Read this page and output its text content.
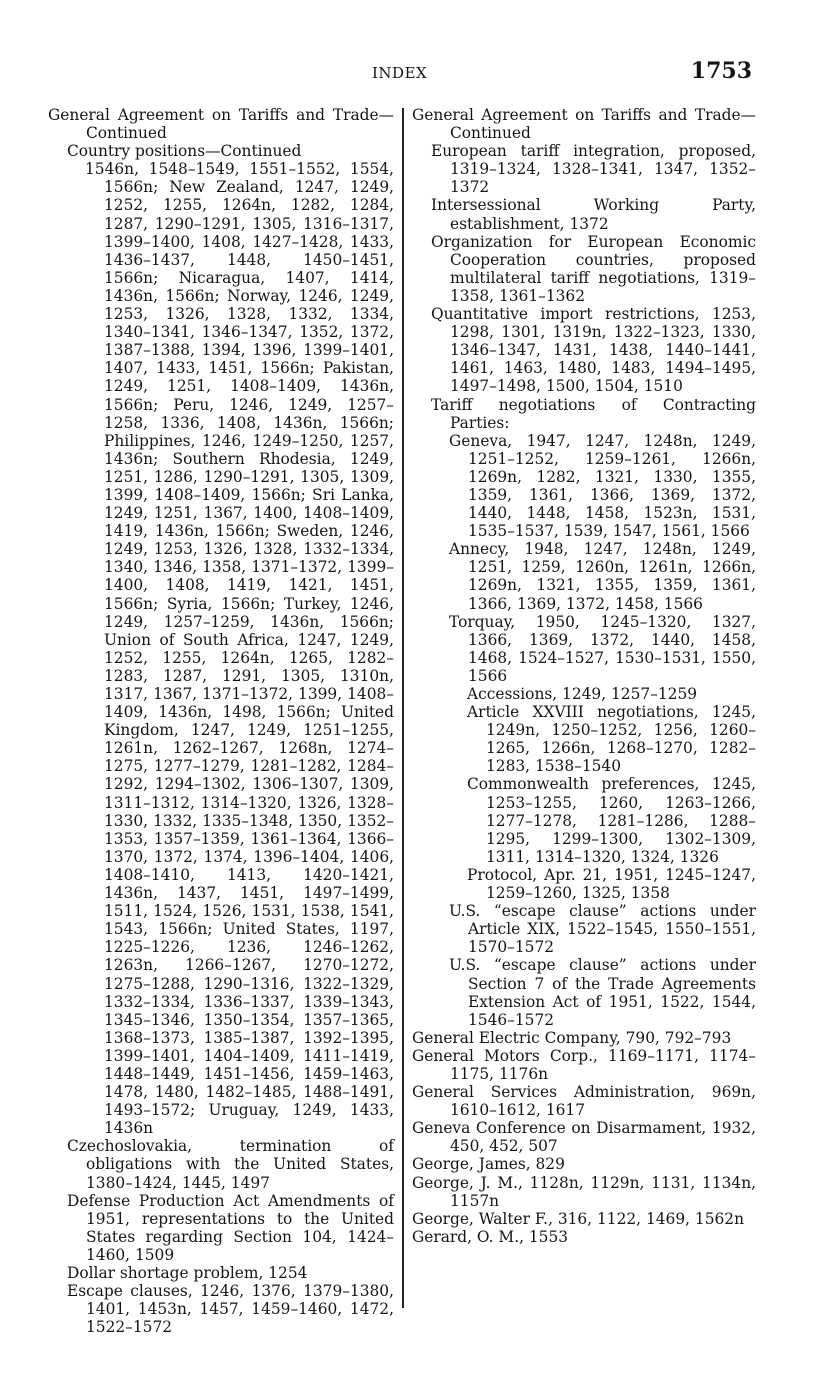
INDEX	1753

General Agreement on Tariffs and Trade—Continued

Country positions—Continued

1546n, 1548–1549, 1551–1552, 1554, 1566n; New Zealand, 1247, 1249, 1252, 1255, 1264n, 1282, 1284, 1287, 1290–1291, 1305, 1316–1317, 1399–1400, 1408, 1427–1428, 1433, 1436–1437, 1448, 1450–1451, 1566n; Nicaragua, 1407, 1414, 1436n, 1566n; Norway, 1246, 1249, 1253, 1326, 1328, 1332, 1334, 1340–1341, 1346–1347, 1352, 1372, 1387–1388, 1394, 1396, 1399–1401, 1407, 1433, 1451, 1566n; Pakistan, 1249, 1251, 1408–1409, 1436n, 1566n; Peru, 1246, 1249, 1257–1258, 1336, 1408, 1436n, 1566n; Philippines, 1246, 1249–1250, 1257, 1436n; Southern Rhodesia, 1249, 1251, 1286, 1290–1291, 1305, 1309, 1399, 1408–1409, 1566n; Sri Lanka, 1249, 1251, 1367, 1400, 1408–1409, 1419, 1436n, 1566n; Sweden, 1246, 1249, 1253, 1326, 1328, 1332–1334, 1340, 1346, 1358, 1371–1372, 1399–1400, 1408, 1419, 1421, 1451, 1566n; Syria, 1566n; Turkey, 1246, 1249, 1257–1259, 1436n, 1566n; Union of South Africa, 1247, 1249, 1252, 1255, 1264n, 1265, 1282–1283, 1287, 1291, 1305, 1310n, 1317, 1367, 1371–1372, 1399, 1408–1409, 1436n, 1498, 1566n; United Kingdom, 1247, 1249, 1251–1255, 1261n, 1262–1267, 1268n, 1274–1275, 1277–1279, 1281–1282, 1284–1292, 1294–1302, 1306–1307, 1309, 1311–1312, 1314–1320, 1326, 1328–1330, 1332, 1335–1348, 1350, 1352–1353, 1357–1359, 1361–1364, 1366–1370, 1372, 1374, 1396–1404, 1406, 1408–1410, 1413, 1420–1421, 1436n, 1437, 1451, 1497–1499, 1511, 1524, 1526, 1531, 1538, 1541, 1543, 1566n; United States, 1197, 1225–1226, 1236, 1246–1262, 1263n, 1266–1267, 1270–1272, 1275–1288, 1290–1316, 1322–1329, 1332–1334, 1336–1337, 1339–1343, 1345–1346, 1350–1354, 1357–1365, 1368–1373, 1385–1387, 1392–1395, 1399–1401, 1404–1409, 1411–1419, 1448–1449, 1451–1456, 1459–1463, 1478, 1480, 1482–1485, 1488–1491, 1493–1572; Uruguay, 1249, 1433, 1436n

Czechoslovakia, termination of obligations with the United States, 1380–1424, 1445, 1497

Defense Production Act Amendments of 1951, representations to the United States regarding Section 104, 1424–1460, 1509

Dollar shortage problem, 1254

Escape clauses, 1246, 1376, 1379–1380, 1401, 1453n, 1457, 1459–1460, 1472, 1522–1572

General Agreement on Tariffs and Trade—Continued

European tariff integration, proposed, 1319–1324, 1328–1341, 1347, 1352–1372

Intersessional Working Party, establishment, 1372

Organization for European Economic Cooperation countries, proposed multilateral tariff negotiations, 1319–1358, 1361–1362

Quantitative import restrictions, 1253, 1298, 1301, 1319n, 1322–1323, 1330, 1346–1347, 1431, 1438, 1440–1441, 1461, 1463, 1480, 1483, 1494–1495, 1497–1498, 1500, 1504, 1510

Tariff negotiations of Contracting Parties:

Geneva, 1947, 1247, 1248n, 1249, 1251–1252, 1259–1261, 1266n, 1269n, 1282, 1321, 1330, 1355, 1359, 1361, 1366, 1369, 1372, 1440, 1448, 1458, 1523n, 1531, 1535–1537, 1539, 1547, 1561, 1566

Annecy, 1948, 1247, 1248n, 1249, 1251, 1259, 1260n, 1261n, 1266n, 1269n, 1321, 1355, 1359, 1361, 1366, 1369, 1372, 1458, 1566

Torquay, 1950, 1245–1320, 1327, 1366, 1369, 1372, 1440, 1458, 1468, 1524–1527, 1530–1531, 1550, 1566

Accessions, 1249, 1257–1259

Article XXVIII negotiations, 1245, 1249n, 1250–1252, 1256, 1260–1265, 1266n, 1268–1270, 1282–1283, 1538–1540

Commonwealth preferences, 1245, 1253–1255, 1260, 1263–1266, 1277–1278, 1281–1286, 1288–1295, 1299–1300, 1302–1309, 1311, 1314–1320, 1324, 1326

Protocol, Apr. 21, 1951, 1245–1247, 1259–1260, 1325, 1358

U.S. “escape clause” actions under Article XIX, 1522–1545, 1550–1551, 1570–1572

U.S. “escape clause” actions under Section 7 of the Trade Agreements Extension Act of 1951, 1522, 1544, 1546–1572

General Electric Company, 790, 792–793

General Motors Corp., 1169–1171, 1174–1175, 1176n

General Services Administration, 969n, 1610–1612, 1617

Geneva Conference on Disarmament, 1932, 450, 452, 507

George, James, 829

George, J. M., 1128n, 1129n, 1131, 1134n, 1157n

George, Walter F., 316, 1122, 1469, 1562n

Gerard, O. M., 1553
